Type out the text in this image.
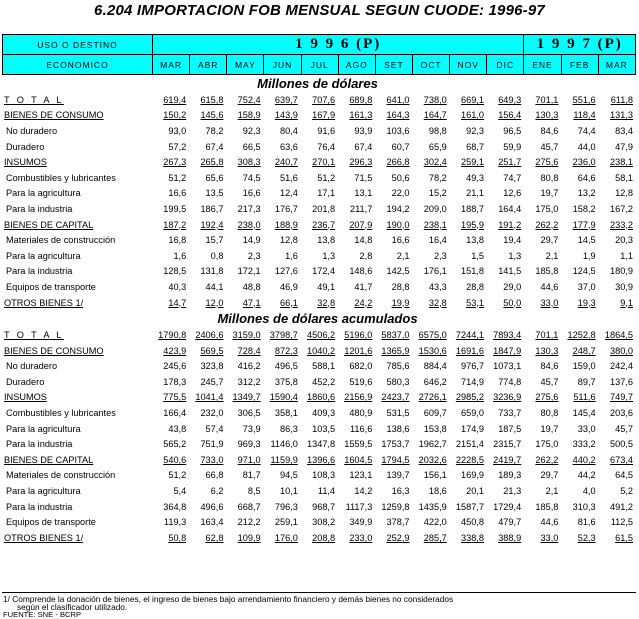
6.204 IMPORTACION FOB MENSUAL SEGUN CUODE: 1996-97
USO O DESTINO	1 9 9 6 (P)										1 9 9 7 (P)		
ECONOMICO	MAR	ABR	MAY	JUN	JUL	AGO	SET	OCT	NOV	DIC	ENE	FEB	MAR
Millones de dólares													
T O T A L	619,4	615,8	752,4	639,7	707,6	689,8	641,0	738,0	669,1	649,3	701,1	551,6	611,8
BIENES DE CONSUMO	150,2	145,6	158,9	143,9	167,9	161,3	164,3	164,7	161,0	156,4	130,3	118,4	131,3
No duradero	93,0	78,2	92,3	80,4	91,6	93,9	103,6	98,8	92,3	96,5	84,6	74,4	83,4
Duradero	57,2	67,4	66,5	63,6	76,4	67,4	60,7	65,9	68,7	59,9	45,7	44,0	47,9
INSUMOS	267,3	265,8	308,3	240,7	270,1	296,3	266,8	302,4	259,1	251,7	275,6	236,0	238,1
Combustibles y lubricantes	51,2	65,6	74,5	51,6	51,2	71,5	50,6	78,2	49,3	74,7	80,8	64,6	58,1
Para la agricultura	16,6	13,5	16,6	12,4	17,1	13,1	22,0	15,2	21,1	12,6	19,7	13,2	12,8
Para la industria	199,5	186,7	217,3	176,7	201,8	211,7	194,2	209,0	188,7	164,4	175,0	158,2	167,2
BIENES DE CAPITAL	187,2	192,4	238,0	188,9	236,7	207,9	190,0	238,1	195,9	191,2	262,2	177,9	233,2
Materiales de construcción	16,8	15,7	14,9	12,8	13,8	14,8	16,6	16,4	13,8	19,4	29,7	14,5	20,3
Para la agricultura	1,6	0,8	2,3	1,6	1,3	2,8	2,1	2,3	1,5	1,3	2,1	1,9	1,1
Para la industria	128,5	131,8	172,1	127,6	172,4	148,6	142,5	176,1	151,8	141,5	185,8	124,5	180,9
Equipos de transporte	40,3	44,1	48,8	46,9	49,1	41,7	28,8	43,3	28,8	29,0	44,6	37,0	30,9
OTROS BIENES 1/	14,7	12,0	47,1	66,1	32,8	24,2	19,9	32,8	53,1	50,0	33,0	19,3	9,1
Millones de dólares acumulados													
T O T A L	1790,8	2406,6	3159,0	3798,7	4506,2	5196,0	5837,0	6575,0	7244,1	7893,4	701,1	1252,8	1864,5
BIENES DE CONSUMO	423,9	569,5	728,4	872,3	1040,2	1201,6	1365,9	1530,6	1691,6	1847,9	130,3	248,7	380,0
No duradero	245,6	323,8	416,2	496,5	588,1	682,0	785,6	884,4	976,7	1073,1	84,6	159,0	242,4
Duradero	178,3	245,7	312,2	375,8	452,2	519,6	580,3	646,2	714,9	774,8	45,7	89,7	137,6
INSUMOS	775,5	1041,4	1349,7	1590,4	1860,6	2156,9	2423,7	2726,1	2985,2	3236,9	275,6	511,6	749,7
Combustibles y lubricantes	166,4	232,0	306,5	358,1	409,3	480,9	531,5	609,7	659,0	733,7	80,8	145,4	203,6
Para la agricultura	43,8	57,4	73,9	86,3	103,5	116,6	138,6	153,8	174,9	187,5	19,7	33,0	45,7
Para la industria	565,2	751,9	969,3	1146,0	1347,8	1559,5	1753,7	1962,7	2151,4	2315,7	175,0	333,2	500,5
BIENES DE CAPITAL	540,6	733,0	971,0	1159,9	1396,6	1604,5	1794,5	2032,6	2228,5	2419,7	262,2	440,2	673,4
Materiales de construcción	51,2	66,8	81,7	94,5	108,3	123,1	139,7	156,1	169,9	189,3	29,7	44,2	64,5
Para la agricultura	5,4	6,2	8,5	10,1	11,4	14,2	16,3	18,6	20,1	21,3	2,1	4,0	5,2
Para la industria	364,8	496,6	668,7	796,3	968,7	1117,3	1259,8	1435,9	1587,7	1729,4	185,8	310,3	491,2
Equipos de transporte	119,3	163,4	212,2	259,1	308,2	349,9	378,7	422,0	450,8	479,7	44,6	81,6	112,5
OTROS BIENES 1/	50,8	62,8	109,9	176,0	208,8	233,0	252,9	285,7	338,8	388,9	33,0	52,3	61,5
1/ Comprende la donación de bienes, el ingreso de bienes bajo arrendamiento financiero y demás bienes no considerados
según el clasificador utilizado.
FUENTE: SNE - BCRP
